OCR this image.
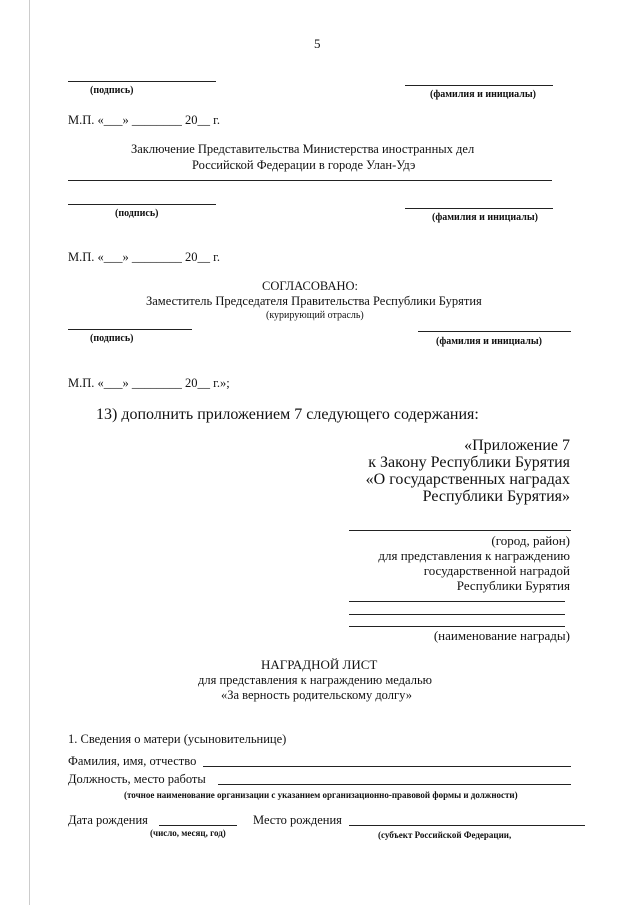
5
(подпись)	(фамилия и инициалы)
М.П. «___» ________ 20__ г.
Заключение Представительства Министерства иностранных дел
Российской Федерации в городе Улан-Удэ
(подпись)	(фамилия и инициалы)
М.П. «___» ________ 20__ г.
СОГЛАСОВАНО:
Заместитель Председателя Правительства Республики Бурятия
(курирующий отрасль)
(подпись)	(фамилия и инициалы)
М.П. «___» ________ 20__ г.»;
13) дополнить приложением 7 следующего содержания:
«Приложение 7
к Закону Республики Бурятия
«О государственных наградах
Республики Бурятия»
(город, район)
для представления к награждению
государственной наградой
Республики Бурятия
(наименование награды)
НАГРАДНОЙ ЛИСТ
для представления к награждению медалью
«За верность родительскому долгу»
1. Сведения о матери (усыновительнице)
Фамилия, имя, отчество
Должность, место работы
(точное наименование организации с указанием организационно-правовой формы и должности)
Дата рождения
(число, месяц, год)
Место рождения
(субъект Российской Федерации,
